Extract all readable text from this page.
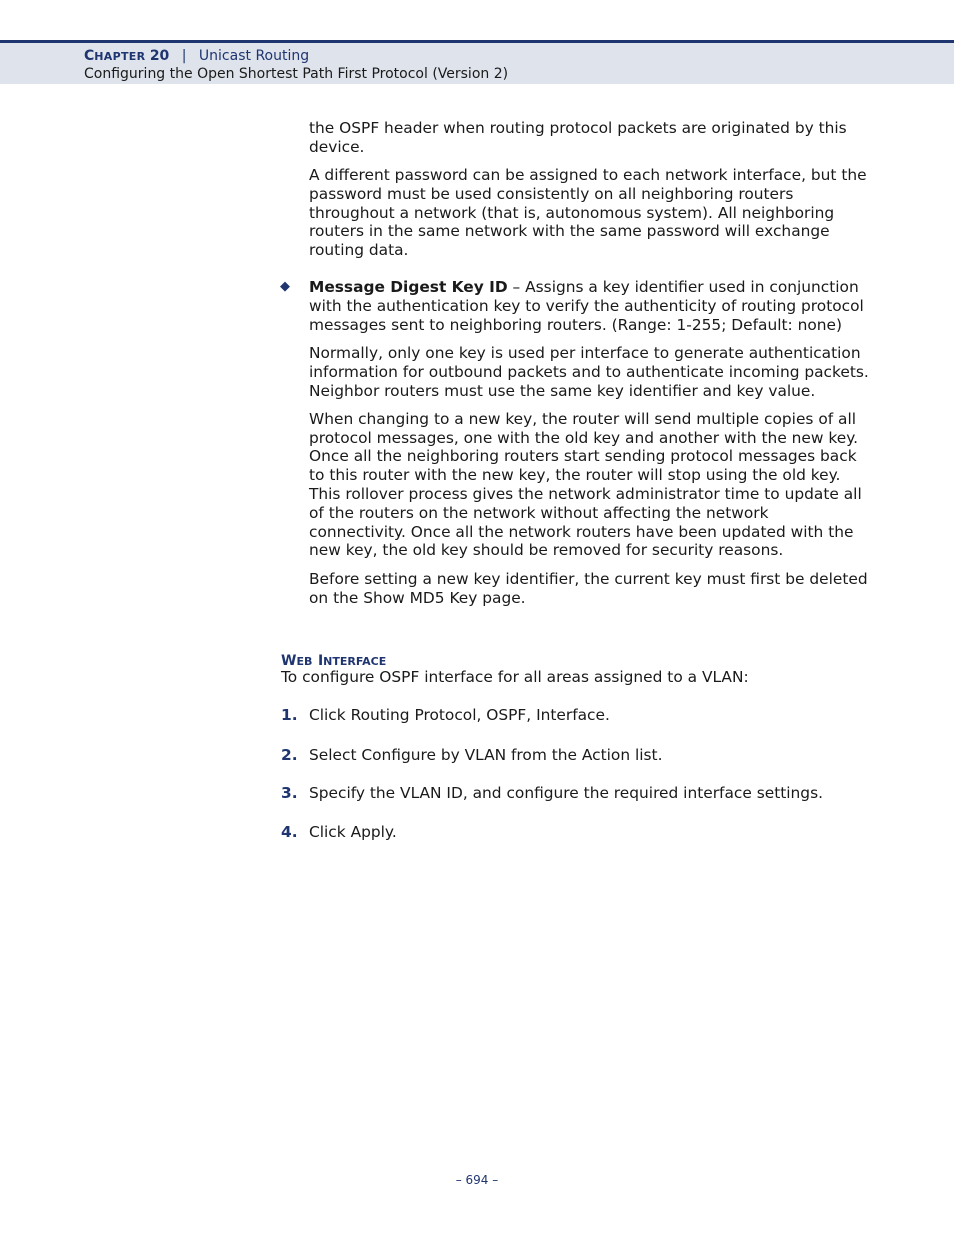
CHAPTER 20 | Unicast Routing
Configuring the Open Shortest Path First Protocol (Version 2)

the OSPF header when routing protocol packets are originated by this device.

A different password can be assigned to each network interface, but the password must be used consistently on all neighboring routers throughout a network (that is, autonomous system). All neighboring routers in the same network with the same password will exchange routing data.

◆ Message Digest Key ID – Assigns a key identifier used in conjunction with the authentication key to verify the authenticity of routing protocol messages sent to neighboring routers. (Range: 1-255; Default: none)

Normally, only one key is used per interface to generate authentication information for outbound packets and to authenticate incoming packets. Neighbor routers must use the same key identifier and key value.

When changing to a new key, the router will send multiple copies of all protocol messages, one with the old key and another with the new key. Once all the neighboring routers start sending protocol messages back to this router with the new key, the router will stop using the old key. This rollover process gives the network administrator time to update all of the routers on the network without affecting the network connectivity. Once all the network routers have been updated with the new key, the old key should be removed for security reasons.

Before setting a new key identifier, the current key must first be deleted on the Show MD5 Key page.

WEB INTERFACE
To configure OSPF interface for all areas assigned to a VLAN:
1. Click Routing Protocol, OSPF, Interface.
2. Select Configure by VLAN from the Action list.
3. Specify the VLAN ID, and configure the required interface settings.
4. Click Apply.
– 694 –
